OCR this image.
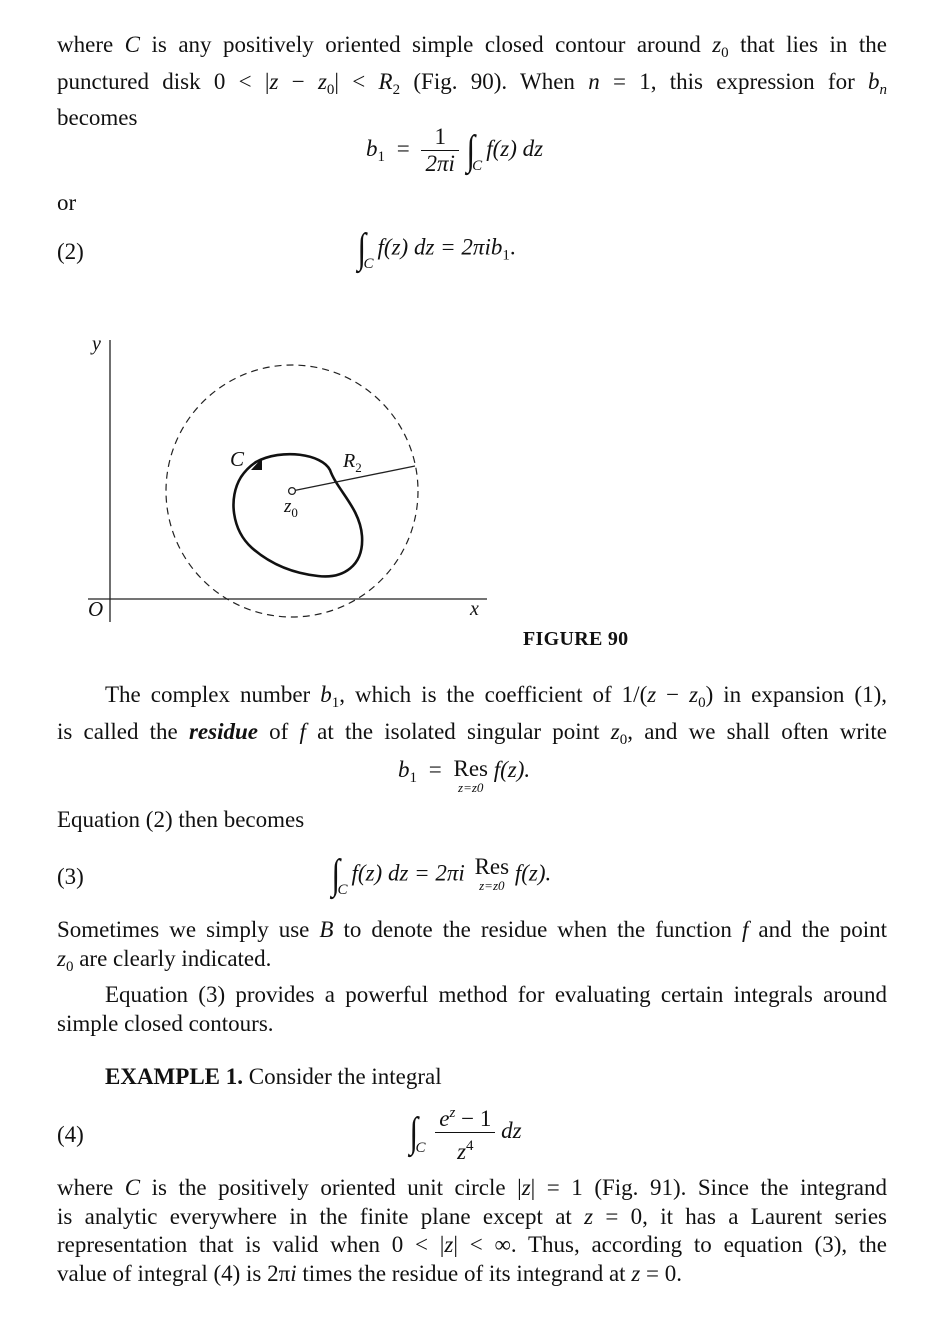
where C is any positively oriented simple closed contour around $z_0$ that lies in the
punctured disk $0 < |z - z_0| < R_2$ (Fig. 90). When n = 1, this expression for $b_n$
becomes
$b_1 = \frac{1}{2\pi i} \int_Cf(z)$ dz
or
(2)	$\int_Cf(z)$ dz = 2πib$_1$.
y
O	x
C	$R_2$
$z_0$
FIGURE 90
The complex number $b_1$, which is the coefficient of $1/(z - z_0)$ in expansion (1),
is called the residue of f at the isolated singular point $z_0$, and we shall often write
$b_1$ = Res
z=z0
f(z).
Equation (2) then becomes
(3)	$\int_Cf(z)$ dz = 2πi Res
z=z0
f(z).
Sometimes we simply use B to denote the residue when the function f and the point
$z_0$ are clearly indicated.
Equation (3) provides a powerful method for evaluating certain integrals around
simple closed contours.
EXAMPLE 1. Consider the integral
(4)	$\int_C \frac{e^z - 1}{z^4}$ dz
where C is the positively oriented unit circle |z| = 1 (Fig. 91). Since the integrand
is analytic everywhere in the finite plane except at z = 0, it has a Laurent series
representation that is valid when 0 < |z| < ∞. Thus, according to equation (3), the
value of integral (4) is 2πi times the residue of its integrand at z = 0.
